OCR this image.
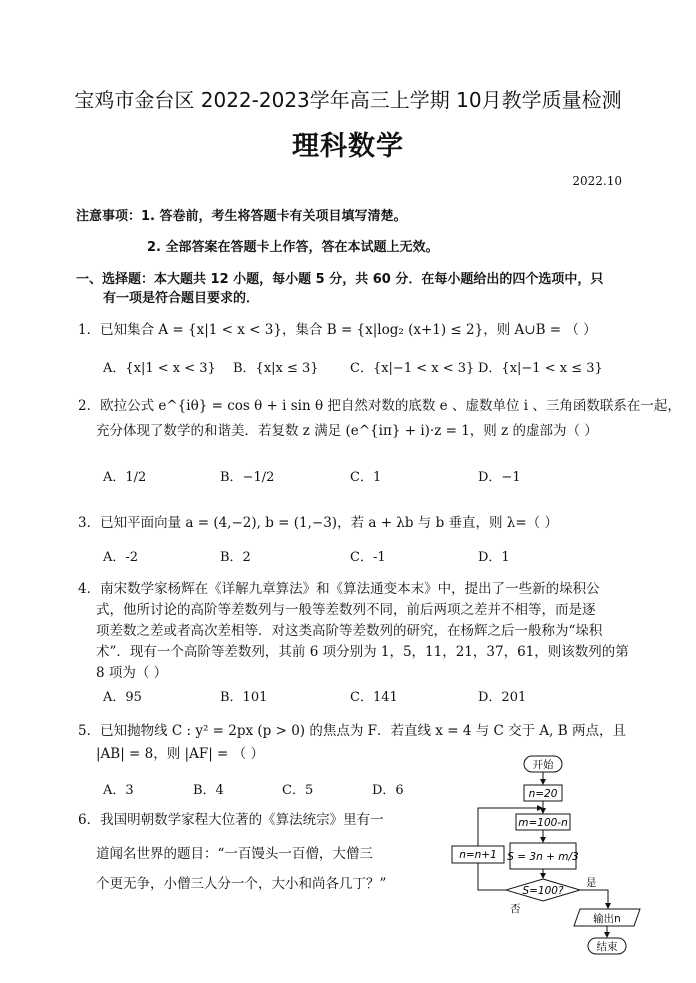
宝鸡市金台区 2022-2023学年高三上学期 10月教学质量检测
理科数学
2022.10
注意事项：1. 答卷前，考生将答题卡有关项目填写清楚。
2. 全部答案在答题卡上作答，答在本试题上无效。
一、选择题：本大题共 12 小题，每小题 5 分，共 60 分．在每小题给出的四个选项中，只
有一项是符合题目要求的．
1．已知集合 A = {x|1 < x < 3}，集合 B = {x|log₂ (x+1) ≤ 2}，则 A∪B = （ ）
A．{x|1 < x < 3} B．{x|x ≤ 3} C．{x|−1 < x < 3} D．{x|−1 < x ≤ 3}
2．欧拉公式 e^{iθ} = cos θ + i sin θ 把自然对数的底数 e 、虚数单位 i 、三角函数联系在一起，
充分体现了数学的和谐美．若复数 z 满足 (e^{iπ} + i)·z = 1，则 z 的虚部为（ ）
A．1/2	B．−1/2	C．1	D．−1
3．已知平面向量 a = (4,−2), b = (1,−3)，若 a + λb 与 b 垂直，则 λ=（ ）
A．-2	B．2	C．-1	D．1
4．南宋数学家杨辉在《详解九章算法》和《算法通变本末》中，提出了一些新的垛积公
式，他所讨论的高阶等差数列与一般等差数列不同，前后两项之差并不相等，而是逐
项差数之差或者高次差相等．对这类高阶等差数列的研究，在杨辉之后一般称为“垛积
术”．现有一个高阶等差数列，其前 6 项分别为 1，5，11，21，37，61，则该数列的第
8 项为（ ）
A．95	B．101	C．141	D．201
5．已知抛物线 C : y² = 2px (p > 0) 的焦点为 F．若直线 x = 4 与 C 交于 A, B 两点，且
|AB| = 8，则 |AF| = （ ）
A．3	B．4	C．5	D．6
6．我国明朝数学家程大位著的《算法统宗》里有一
道闻名世界的题目：“一百馒头一百僧，大僧三
个更无争，小僧三人分一个，大小和尚各几丁？”
开始
n=20
m=100-n
S = 3n + m/3
S=100?
是
输出n
结束
否
n=n+1
